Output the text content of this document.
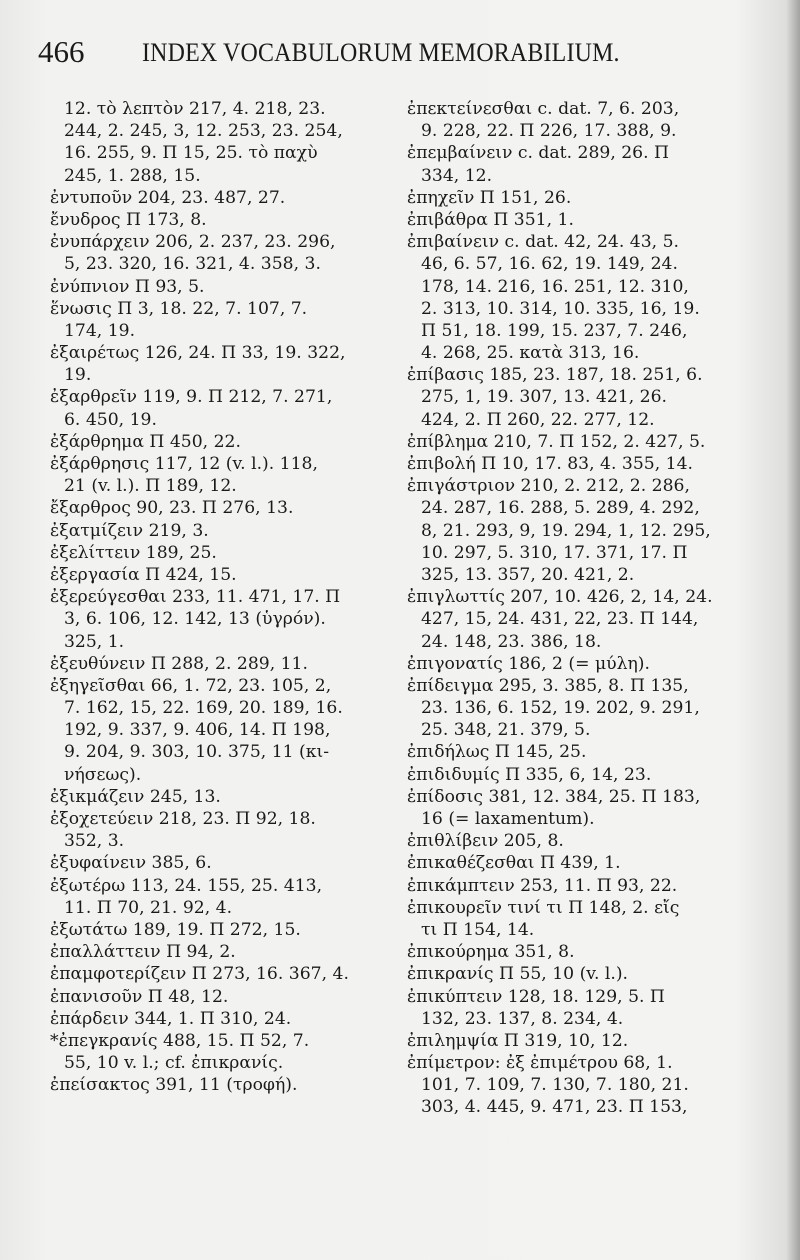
466 INDEX VOCABULORUM MEMORABILIUM.
12. τὸ λεπτὸν 217, 4. 218, 23.
244, 2. 245, 3, 12. 253, 23. 254,
16. 255, 9. Π 15, 25. τὸ παχὺ
245, 1. 288, 15.
ἐντυποῦν 204, 23. 487, 27.
ἔνυδρος Π 173, 8.
ἐνυπάρχειν 206, 2. 237, 23. 296,
5, 23. 320, 16. 321, 4. 358, 3.
ἐνύπνιον Π 93, 5.
ἕνωσις Π 3, 18. 22, 7. 107, 7.
174, 19.
ἐξαιρέτως 126, 24. Π 33, 19. 322,
19.
ἐξαρθρεῖν 119, 9. Π 212, 7. 271,
6. 450, 19.
ἐξάρθρημα Π 450, 22.
ἐξάρθρησις 117, 12 (v. l.). 118,
21 (v. l.). Π 189, 12.
ἔξαρθρος 90, 23. Π 276, 13.
ἐξατμίζειν 219, 3.
ἐξελίττειν 189, 25.
ἐξεργασία Π 424, 15.
ἐξερεύγεσθαι 233, 11. 471, 17. Π
3, 6. 106, 12. 142, 13 (ὑγρόν).
325, 1.
ἐξευθύνειν Π 288, 2. 289, 11.
ἐξηγεῖσθαι 66, 1. 72, 23. 105, 2,
7. 162, 15, 22. 169, 20. 189, 16.
192, 9. 337, 9. 406, 14. Π 198,
9. 204, 9. 303, 10. 375, 11 (κι-
νήσεως).
ἐξικμάζειν 245, 13.
ἐξοχετεύειν 218, 23. Π 92, 18.
352, 3.
ἐξυφαίνειν 385, 6.
ἐξωτέρω 113, 24. 155, 25. 413,
11. Π 70, 21. 92, 4.
ἐξωτάτω 189, 19. Π 272, 15.
ἐπαλλάττειν Π 94, 2.
ἐπαμφοτερίζειν Π 273, 16. 367, 4.
ἐπανισοῦν Π 48, 12.
ἐπάρδειν 344, 1. Π 310, 24.
*ἐπεγκρανίς 488, 15. Π 52, 7.
55, 10 v. l.; cf. ἐπικρανίς.
ἐπείσακτος 391, 11 (τροφή).
ἐπεκτείνεσθαι c. dat. 7, 6. 203,
9. 228, 22. Π 226, 17. 388, 9.
ἐπεμβαίνειν c. dat. 289, 26. Π
334, 12.
ἐπηχεῖν Π 151, 26.
ἐπιβάθρα Π 351, 1.
ἐπιβαίνειν c. dat. 42, 24. 43, 5.
46, 6. 57, 16. 62, 19. 149, 24.
178, 14. 216, 16. 251, 12. 310,
2. 313, 10. 314, 10. 335, 16, 19.
Π 51, 18. 199, 15. 237, 7. 246,
4. 268, 25. κατὰ 313, 16.
ἐπίβασις 185, 23. 187, 18. 251, 6.
275, 1, 19. 307, 13. 421, 26.
424, 2. Π 260, 22. 277, 12.
ἐπίβλημα 210, 7. Π 152, 2. 427, 5.
ἐπιβολή Π 10, 17. 83, 4. 355, 14.
ἐπιγάστριον 210, 2. 212, 2. 286,
24. 287, 16. 288, 5. 289, 4. 292,
8, 21. 293, 9, 19. 294, 1, 12. 295,
10. 297, 5. 310, 17. 371, 17. Π
325, 13. 357, 20. 421, 2.
ἐπιγλωττίς 207, 10. 426, 2, 14, 24.
427, 15, 24. 431, 22, 23. Π 144,
24. 148, 23. 386, 18.
ἐπιγονατίς 186, 2 (= μύλη).
ἐπίδειγμα 295, 3. 385, 8. Π 135,
23. 136, 6. 152, 19. 202, 9. 291,
25. 348, 21. 379, 5.
ἐπιδήλως Π 145, 25.
ἐπιδιδυμίς Π 335, 6, 14, 23.
ἐπίδοσις 381, 12. 384, 25. Π 183,
16 (= laxamentum).
ἐπιθλίβειν 205, 8.
ἐπικαθέζεσθαι Π 439, 1.
ἐπικάμπτειν 253, 11. Π 93, 22.
ἐπικουρεῖν τινί τι Π 148, 2. εἴς
τι Π 154, 14.
ἐπικούρημα 351, 8.
ἐπικρανίς Π 55, 10 (v. l.).
ἐπικύπτειν 128, 18. 129, 5. Π
132, 23. 137, 8. 234, 4.
ἐπιλημψία Π 319, 10, 12.
ἐπίμετρον: ἐξ ἐπιμέτρου 68, 1.
101, 7. 109, 7. 130, 7. 180, 21.
303, 4. 445, 9. 471, 23. Π 153,
